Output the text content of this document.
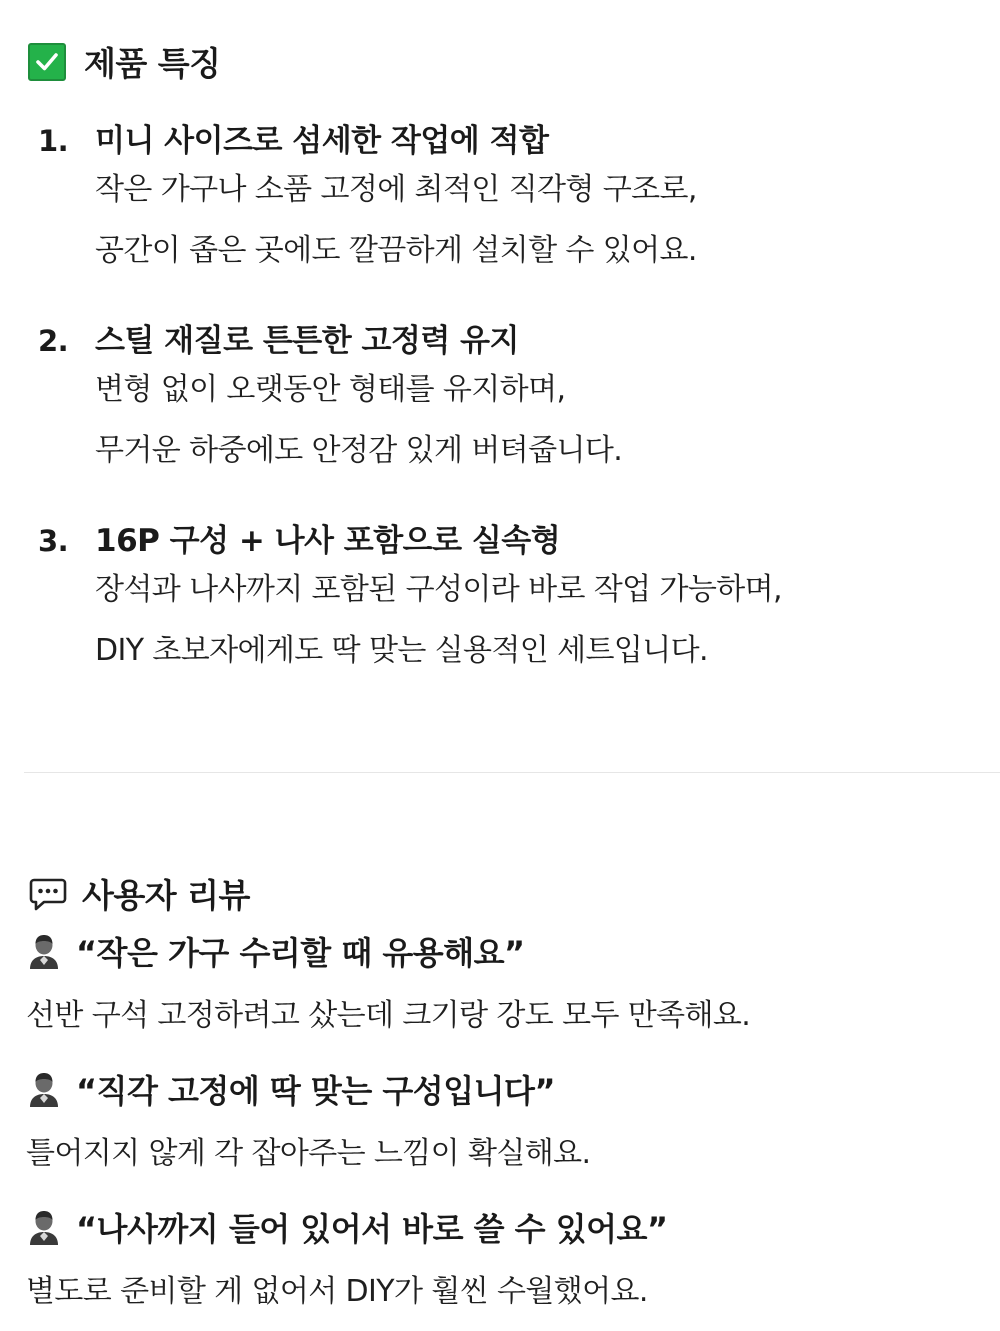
제품 특징
1. 미니 사이즈로 섬세한 작업에 적합
작은 가구나 소품 고정에 최적인 직각형 구조로,
공간이 좁은 곳에도 깔끔하게 설치할 수 있어요.
2. 스틸 재질로 튼튼한 고정력 유지
변형 없이 오랫동안 형태를 유지하며,
무거운 하중에도 안정감 있게 버텨줍니다.
3. 16P 구성 + 나사 포함으로 실속형
장석과 나사까지 포함된 구성이라 바로 작업 가능하며,
DIY 초보자에게도 딱 맞는 실용적인 세트입니다.
사용자 리뷰
“작은 가구 수리할 때 유용해요”
선반 구석 고정하려고 샀는데 크기랑 강도 모두 만족해요.
“직각 고정에 딱 맞는 구성입니다”
틀어지지 않게 각 잡아주는 느낌이 확실해요.
“나사까지 들어 있어서 바로 쓸 수 있어요”
별도로 준비할 게 없어서 DIY가 훨씬 수월했어요.
